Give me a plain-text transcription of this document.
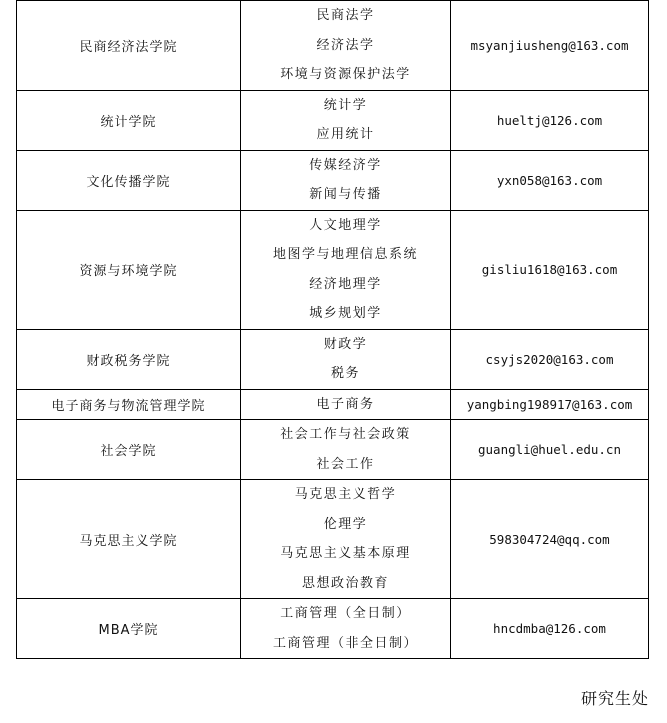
民商经济法学院	民商法学
经济法学
环境与资源保护法学	msyanjiusheng@163.com
统计学院	统计学
应用统计	hueltj@126.com
文化传播学院	传媒经济学
新闻与传播	yxn058@163.com
资源与环境学院	人文地理学
地图学与地理信息系统
经济地理学
城乡规划学	gisliu1618@163.com
财政税务学院	财政学
税务	csyjs2020@163.com
电子商务与物流管理学院	电子商务	yangbing198917@163.com
社会学院	社会工作与社会政策
社会工作	guangli@huel.edu.cn
马克思主义学院	马克思主义哲学
伦理学
马克思主义基本原理
思想政治教育	598304724@qq.com
MBA学院	工商管理（全日制）
工商管理（非全日制）	hncdmba@126.com
研究生处
